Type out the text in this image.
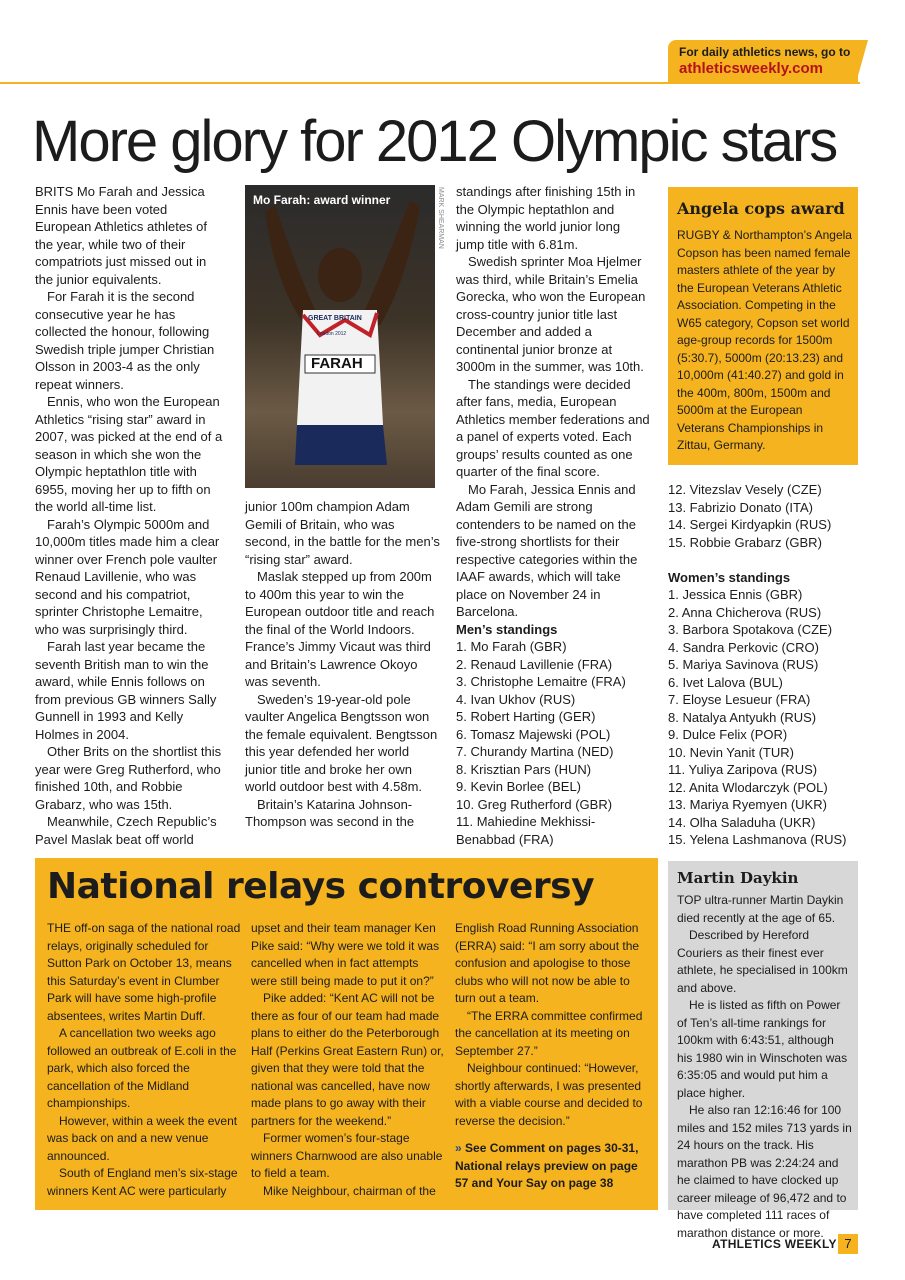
For daily athletics news, go to
athleticsweekly.com
More glory for 2012 Olympic stars

BRITS Mo Farah and Jessica Ennis have been voted European Athletics athletes of the year, while two of their compatriots just missed out in the junior equivalents.

For Farah it is the second consecutive year he has collected the honour, following Swedish triple jumper Christian Olsson in 2003-4 as the only repeat winners.

Ennis, who won the European Athletics “rising star” award in 2007, was picked at the end of a season in which she won the Olympic heptathlon title with 6955, moving her up to fifth on the world all-time list.

Farah’s Olympic 5000m and 10,000m titles made him a clear winner over French pole vaulter Renaud Lavillenie, who was second and his compatriot, sprinter Christophe Lemaitre, who was surprisingly third.

Farah last year became the seventh British man to win the award, while Ennis follows on from previous GB winners Sally Gunnell in 1993 and Kelly Holmes in 2004.

Other Brits on the shortlist this year were Greg Rutherford, who finished 10th, and Robbie Grabarz, who was 15th.

Meanwhile, Czech Republic’s Pavel Maslak beat off world

Mo Farah: award winner
GREAT BRITAIN
London 2012
FARAH
MARK SHEARMAN

junior 100m champion Adam Gemili of Britain, who was second, in the battle for the men’s “rising star” award.

Maslak stepped up from 200m to 400m this year to win the European outdoor title and reach the final of the World Indoors. France’s Jimmy Vicaut was third and Britain’s Lawrence Okoyo was seventh.

Sweden’s 19-year-old pole vaulter Angelica Bengtsson won the female equivalent. Bengtsson this year defended her world junior title and broke her own world outdoor best with 4.58m.

Britain’s Katarina Johnson-Thompson was second in the

standings after finishing 15th in the Olympic heptathlon and winning the world junior long jump title with 6.81m.

Swedish sprinter Moa Hjelmer was third, while Britain’s Emelia Gorecka, who won the European cross-country junior title last December and added a continental junior bronze at 3000m in the summer, was 10th.

The standings were decided after fans, media, European Athletics member federations and a panel of experts voted. Each groups’ results counted as one quarter of the final score.

Mo Farah, Jessica Ennis and Adam Gemili are strong contenders to be named on the five-strong shortlists for their respective categories within the IAAF awards, which will take place on November 24 in Barcelona.

Men’s standings
1. Mo Farah (GBR)
2. Renaud Lavillenie (FRA)
3. Christophe Lemaitre (FRA)
4. Ivan Ukhov (RUS)
5. Robert Harting (GER)
6. Tomasz Majewski (POL)
7. Churandy Martina (NED)
8. Krisztian Pars (HUN)
9. Kevin Borlee (BEL)
10. Greg Rutherford (GBR)
11. Mahiedine Mekhissi-Benabbad (FRA)
Angela cops award
RUGBY & Northampton’s Angela Copson has been named female masters athlete of the year by the European Veterans Athletic Association. Competing in the W65 category, Copson set world age-group records for 1500m (5:30.7), 5000m (20:13.23) and 10,000m (41:40.27) and gold in the 400m, 800m, 1500m and 5000m at the European Veterans Championships in Zittau, Germany.
12. Vitezslav Vesely (CZE)
13. Fabrizio Donato (ITA)
14. Sergei Kirdyapkin (RUS)
15. Robbie Grabarz (GBR)
Women’s standings
1. Jessica Ennis (GBR)
2. Anna Chicherova (RUS)
3. Barbora Spotakova (CZE)
4. Sandra Perkovic (CRO)
5. Mariya Savinova (RUS)
6. Ivet Lalova (BUL)
7. Eloyse Lesueur (FRA)
8. Natalya Antyukh (RUS)
9. Dulce Felix (POR)
10. Nevin Yanit (TUR)
11. Yuliya Zaripova (RUS)
12. Anita Wlodarczyk (POL)
13. Mariya Ryemyen (UKR)
14. Olha Saladuha (UKR)
15. Yelena Lashmanova (RUS)
National relays controversy

THE off-on saga of the national road relays, originally scheduled for Sutton Park on October 13, means this Saturday’s event in Clumber Park will have some high-profile absentees, writes Martin Duff.

A cancellation two weeks ago followed an outbreak of E.coli in the park, which also forced the cancellation of the Midland championships.

However, within a week the event was back on and a new venue announced.

South of England men’s six-stage winners Kent AC were particularly

upset and their team manager Ken Pike said: “Why were we told it was cancelled when in fact attempts were still being made to put it on?”

Pike added: “Kent AC will not be there as four of our team had made plans to either do the Peterborough Half (Perkins Great Eastern Run) or, given that they were told that the national was cancelled, have now made plans to go away with their partners for the weekend.”

Former women’s four-stage winners Charnwood are also unable to field a team.

Mike Neighbour, chairman of the

English Road Running Association (ERRA) said: “I am sorry about the confusion and apologise to those clubs who will not now be able to turn out a team.

“The ERRA committee confirmed the cancellation at its meeting on September 27.”

Neighbour continued: “However, shortly afterwards, I was presented with a viable course and decided to reverse the decision.”

» See Comment on pages 30-31, National relays preview on page 57 and Your Say on page 38
Martin Daykin

TOP ultra-runner Martin Daykin died recently at the age of 65.

Described by Hereford Couriers as their finest ever athlete, he specialised in 100km and above.

He is listed as fifth on Power of Ten’s all-time rankings for 100km with 6:43:51, although his 1980 win in Winschoten was 6:35:05 and would put him a place higher.

He also ran 12:16:46 for 100 miles and 152 miles 713 yards in 24 hours on the track. His marathon PB was 2:24:24 and he claimed to have clocked up career mileage of 96,472 and to have completed 111 races of marathon distance or more.

ATHLETICS WEEKLY 7
